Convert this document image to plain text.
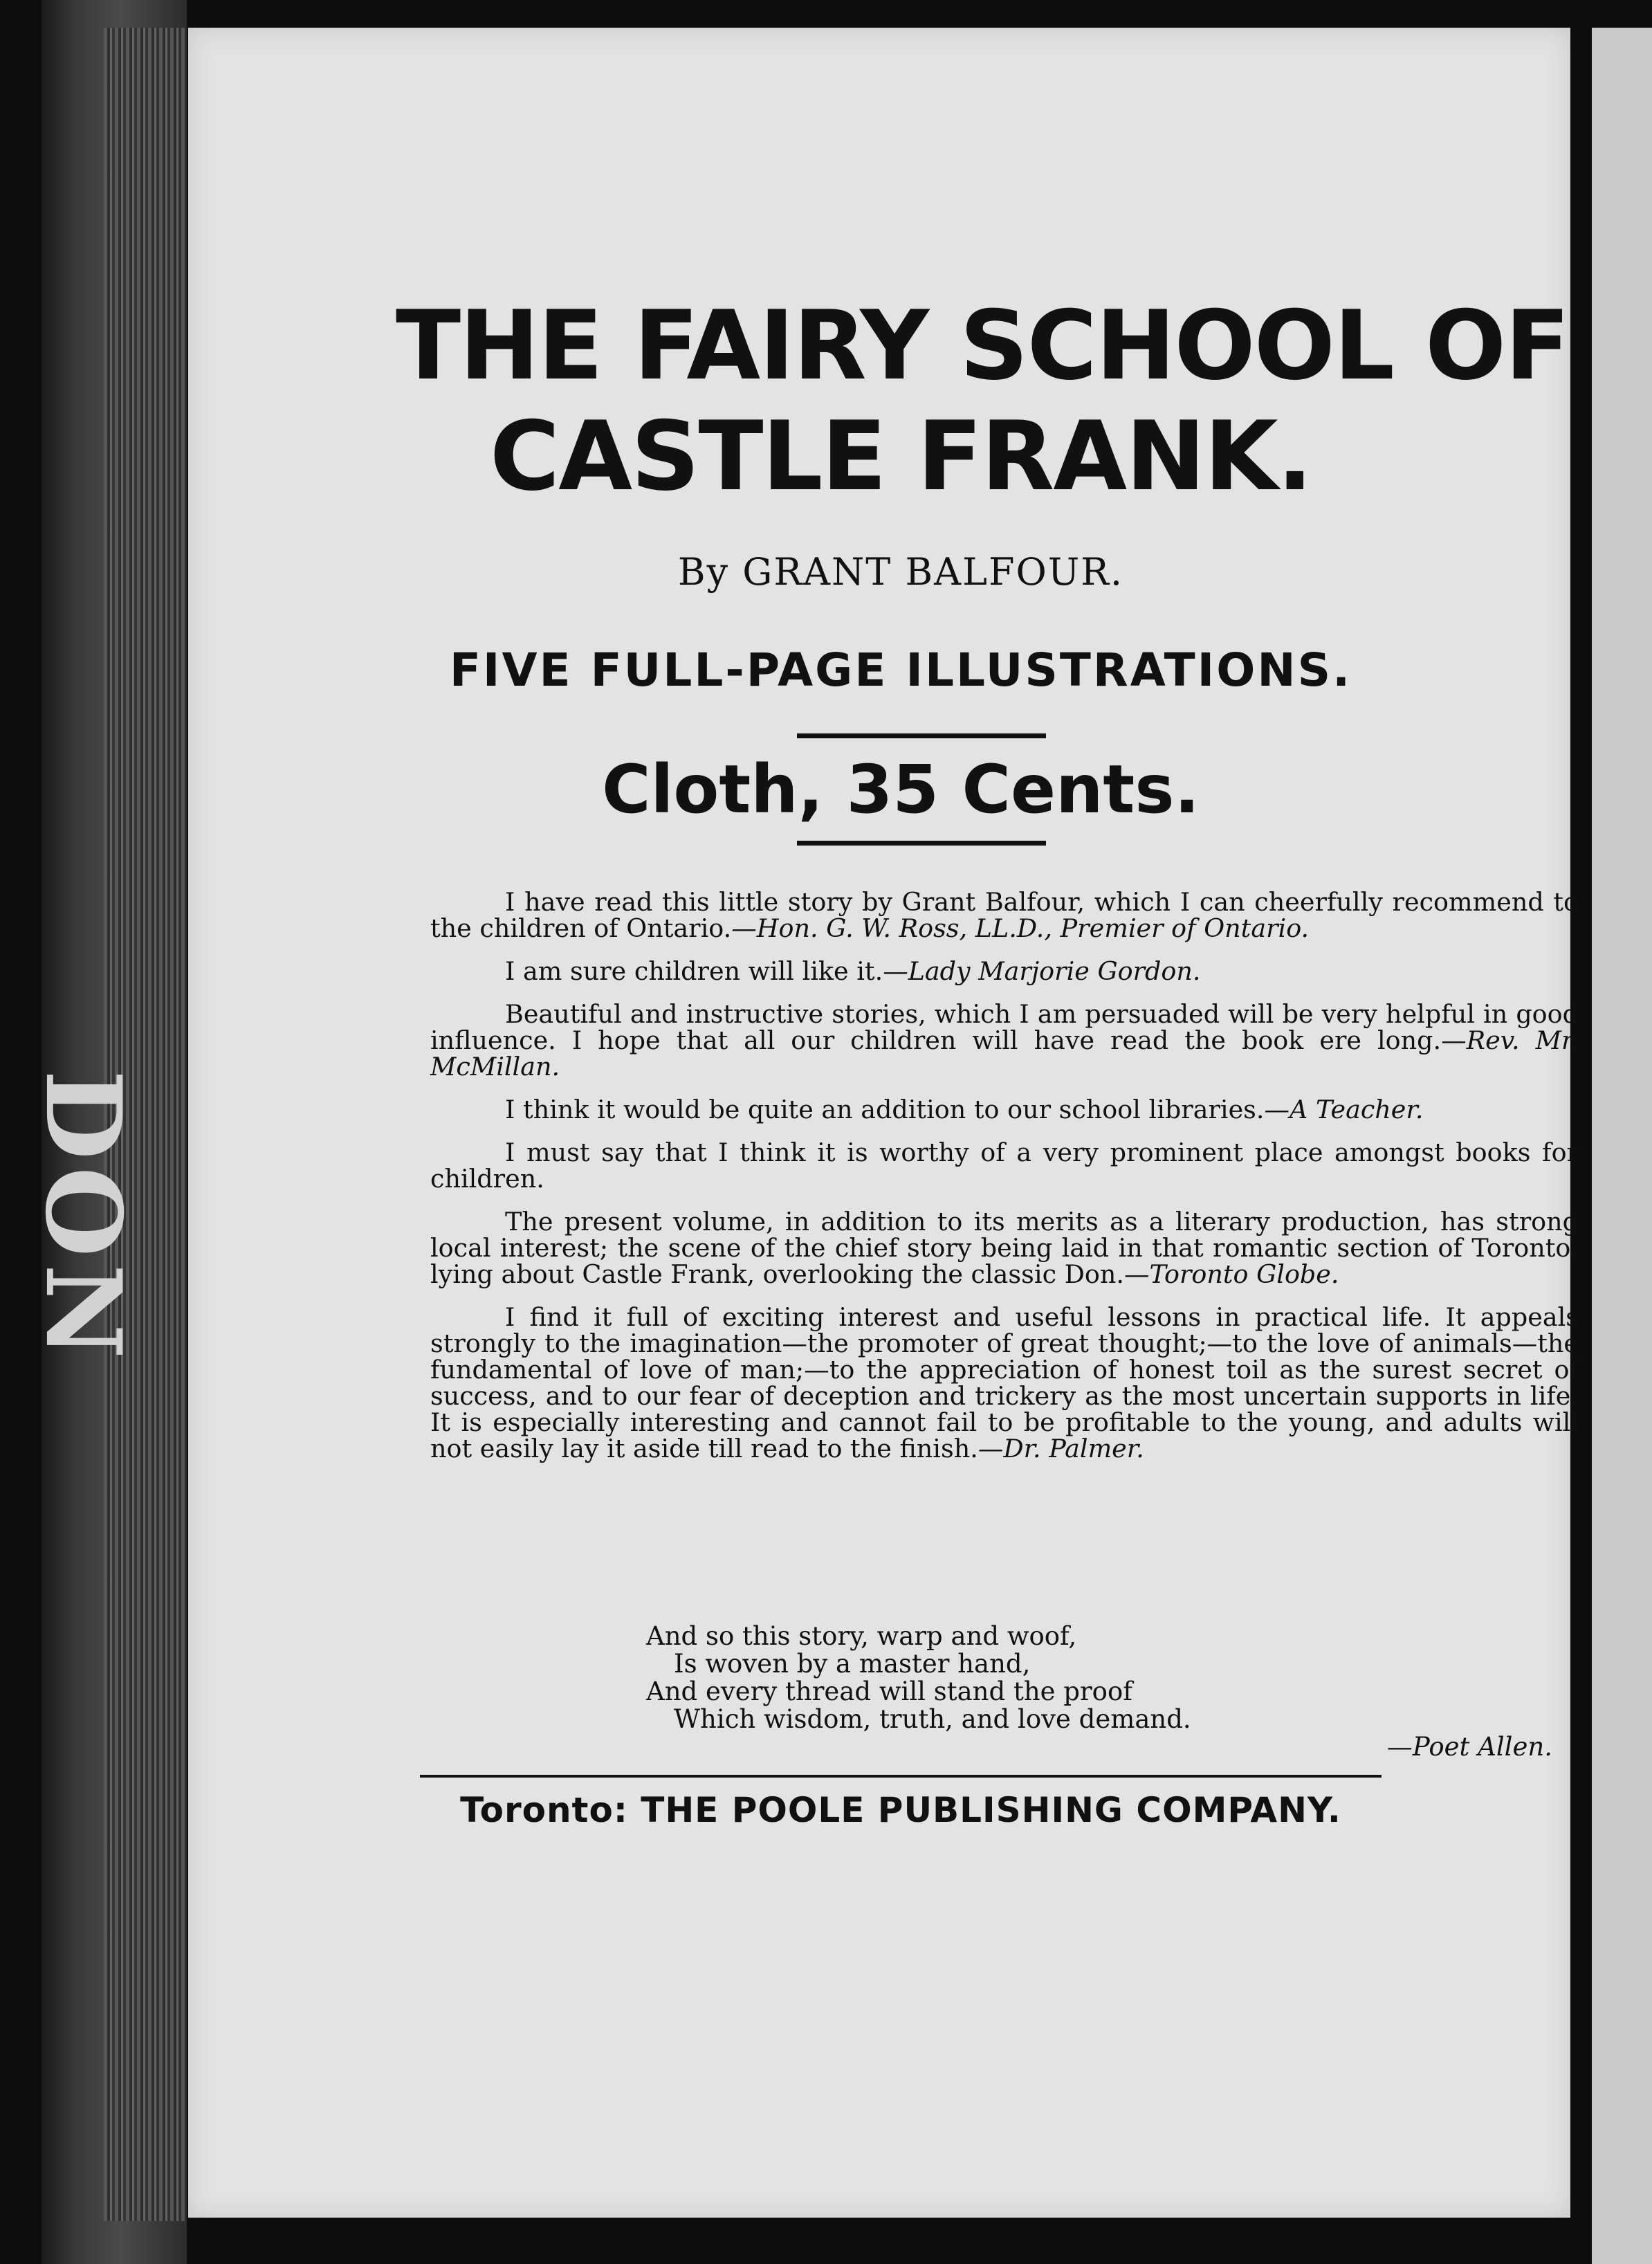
DON
THE FAIRY SCHOOL OF
CASTLE FRANK.
By GRANT BALFOUR.
FIVE FULL-PAGE ILLUSTRATIONS.
Cloth, 35 Cents.

I have read this little story by Grant Balfour, which I can cheerfully recommend to the children of Ontario.—Hon. G. W. Ross, LL.D., Premier of Ontario.

I am sure children will like it.—Lady Marjorie Gordon.

Beautiful and instructive stories, which I am persuaded will be very helpful in good influence. I hope that all our children will have read the book ere long.—Rev. Mr. McMillan.

I think it would be quite an addition to our school libraries.—A Teacher.

I must say that I think it is worthy of a very prominent place amongst books for children.

The present volume, in addition to its merits as a literary production, has strong local interest; the scene of the chief story being laid in that romantic section of Toronto, lying about Castle Frank, overlooking the classic Don.—Toronto Globe.

I find it full of exciting interest and useful lessons in practical life. It appeals strongly to the imagination—the promoter of great thought;—to the love of animals—the fundamental of love of man;—to the appreciation of honest toil as the surest secret of success, and to our fear of deception and trickery as the most uncertain supports in life. It is especially interesting and cannot fail to be profitable to the young, and adults will not easily lay it aside till read to the finish.—Dr. Palmer.

And so this story, warp and woof,
Is woven by a master hand,
And every thread will stand the proof
Which wisdom, truth, and love demand.
—Poet Allen.
Toronto: THE POOLE PUBLISHING COMPANY.
